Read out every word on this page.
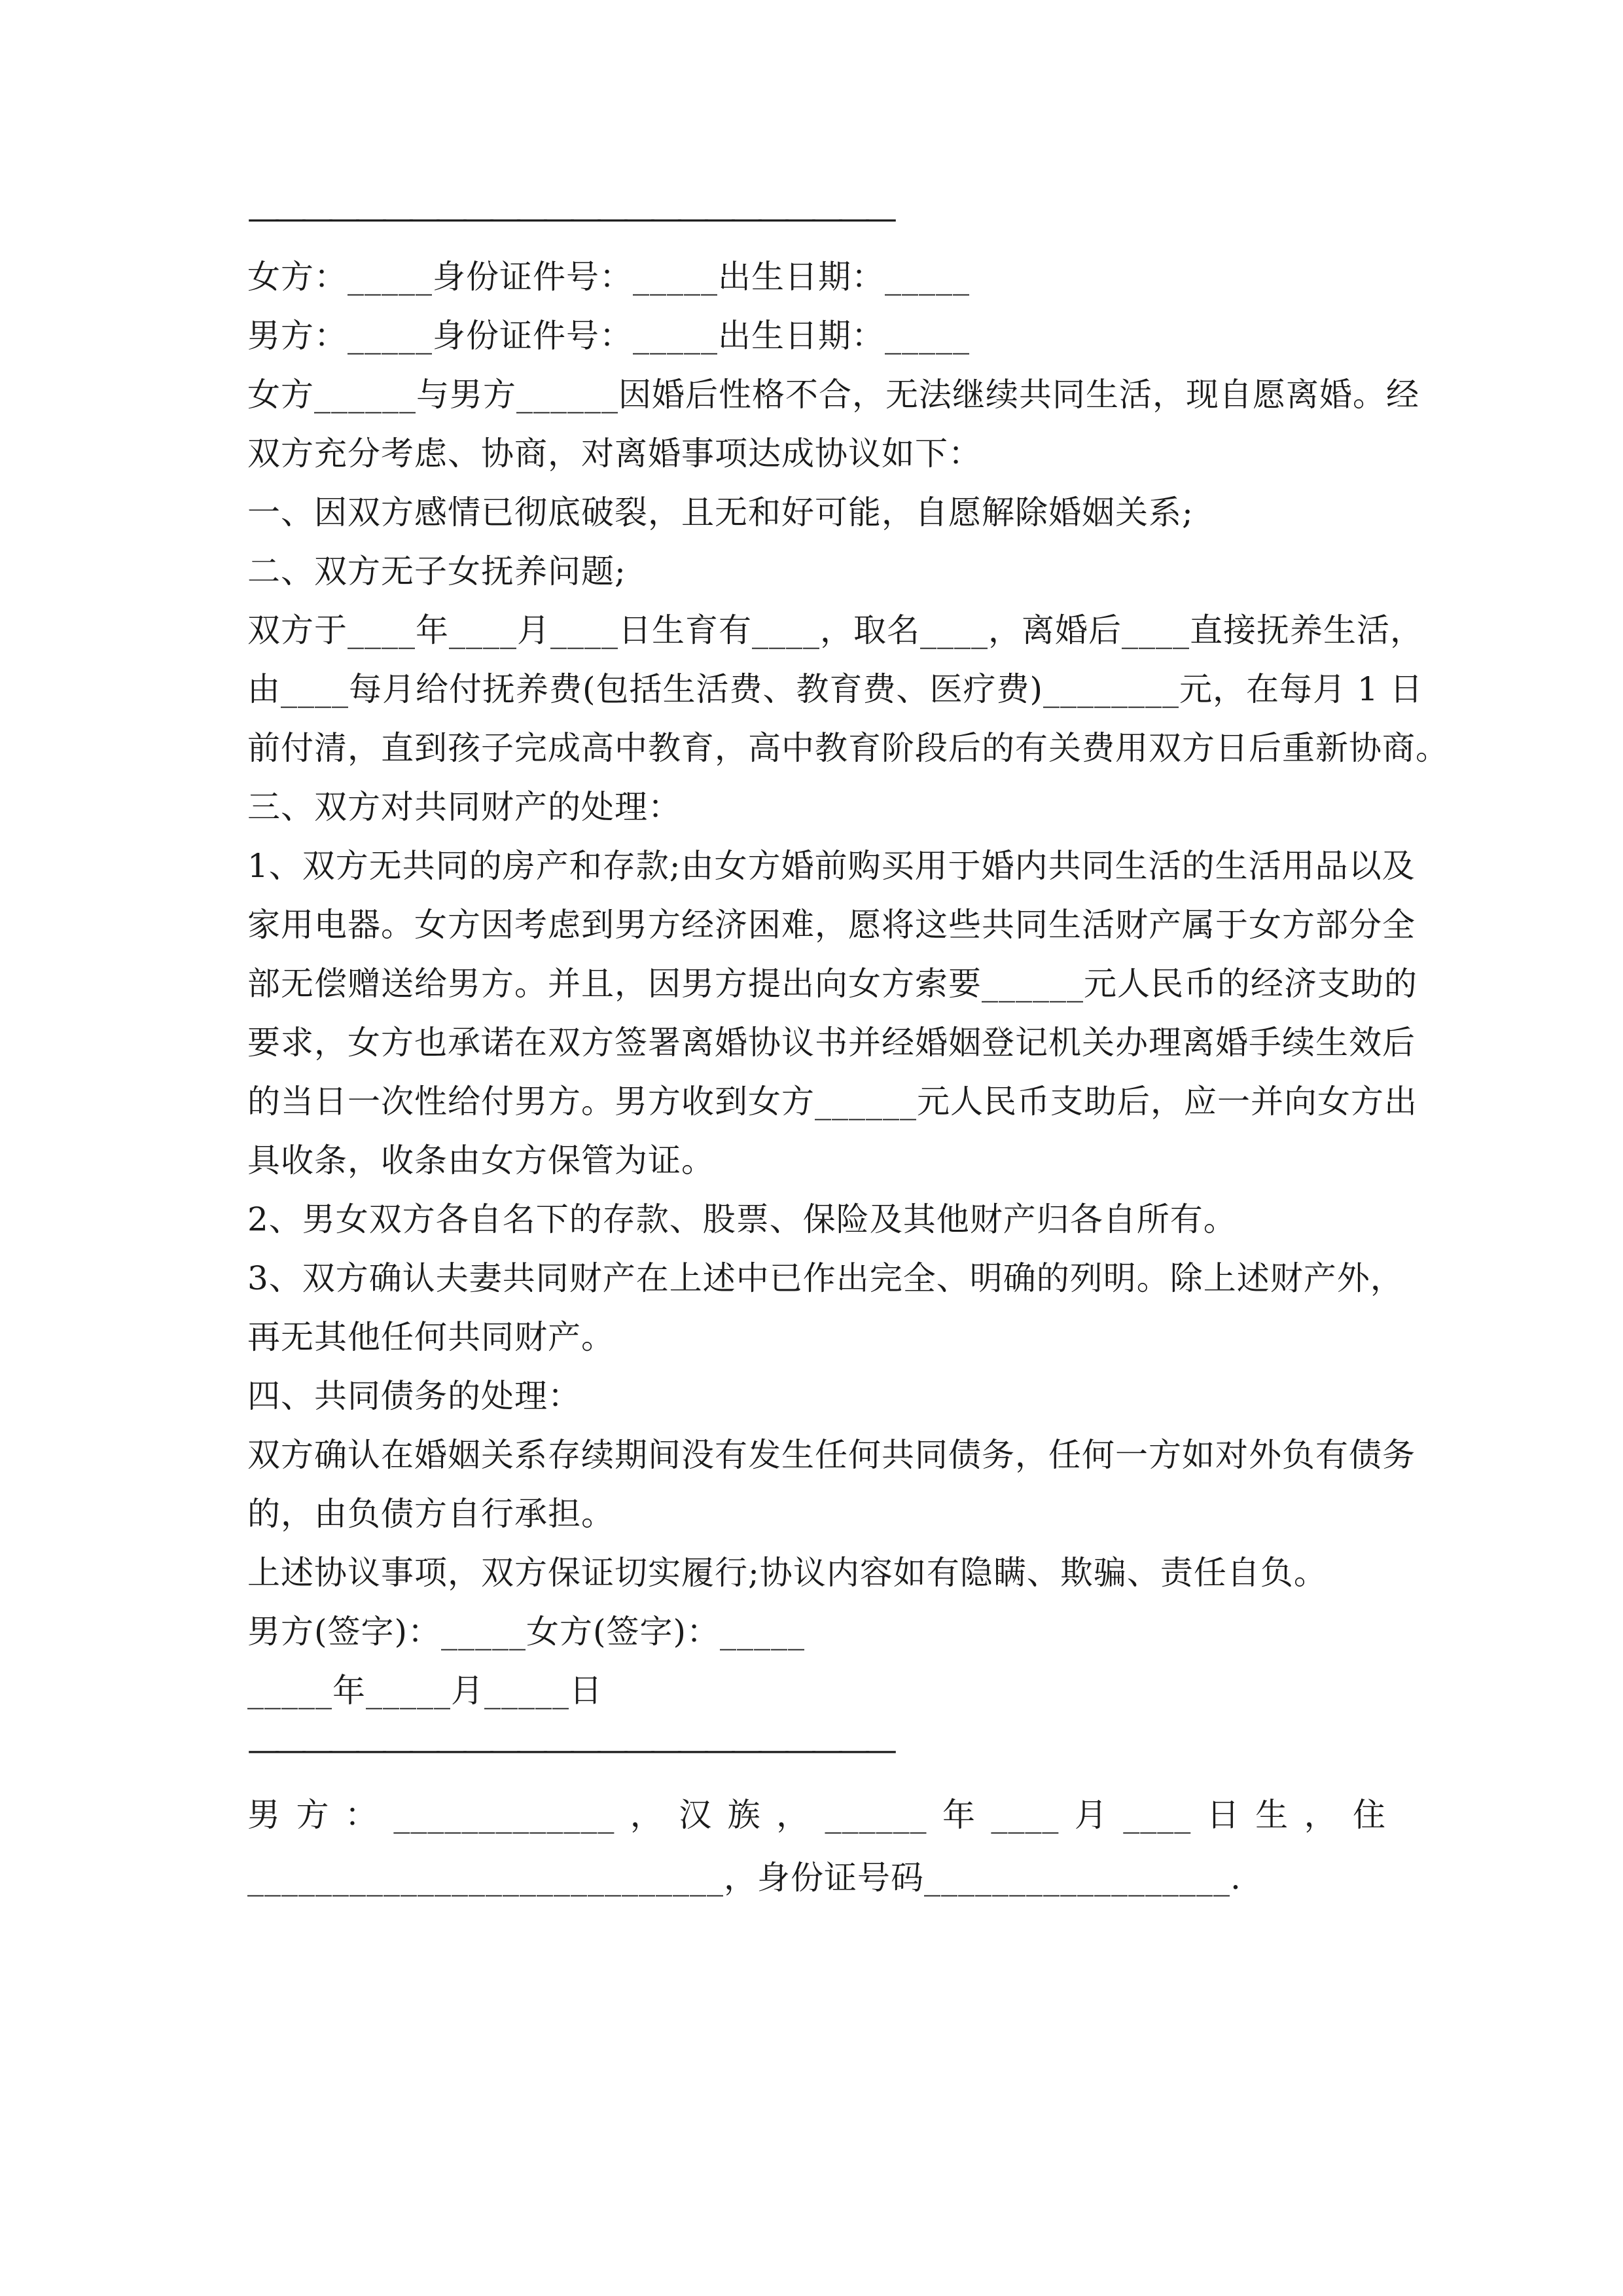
————————————————————————
女方：_____身份证件号：_____出生日期：_____
男方：_____身份证件号：_____出生日期：_____
女方______与男方______因婚后性格不合，无法继续共同生活，现自愿离婚。经
双方充分考虑、协商，对离婚事项达成协议如下：
一、因双方感情已彻底破裂，且无和好可能，自愿解除婚姻关系;
二、双方无子女抚养问题;
双方于____年____月____日生育有____，取名____，离婚后____直接抚养生活，
由____每月给付抚养费(包括生活费、教育费、医疗费)________元，在每月 1 日
前付清，直到孩子完成高中教育，高中教育阶段后的有关费用双方日后重新协商。
三、双方对共同财产的处理：
1、双方无共同的房产和存款;由女方婚前购买用于婚内共同生活的生活用品以及
家用电器。女方因考虑到男方经济困难，愿将这些共同生活财产属于女方部分全
部无偿赠送给男方。并且，因男方提出向女方索要______元人民币的经济支助的
要求，女方也承诺在双方签署离婚协议书并经婚姻登记机关办理离婚手续生效后
的当日一次性给付男方。男方收到女方______元人民币支助后，应一并向女方出
具收条，收条由女方保管为证。
2、男女双方各自名下的存款、股票、保险及其他财产归各自所有。
3、双方确认夫妻共同财产在上述中已作出完全、明确的列明。除上述财产外，
再无其他任何共同财产。
四、共同债务的处理：
双方确认在婚姻关系存续期间没有发生任何共同债务，任何一方如对外负有债务
的，由负债方自行承担。
上述协议事项，双方保证切实履行;协议内容如有隐瞒、欺骗、责任自负。
男方(签字)：_____女方(签字)：_____
_____年_____月_____日
————————————————————————
男 方 ： _____________ ， 汉 族 ， ______ 年 ____ 月 ____ 日 生 ， 住
____________________________，身份证号码__________________.
